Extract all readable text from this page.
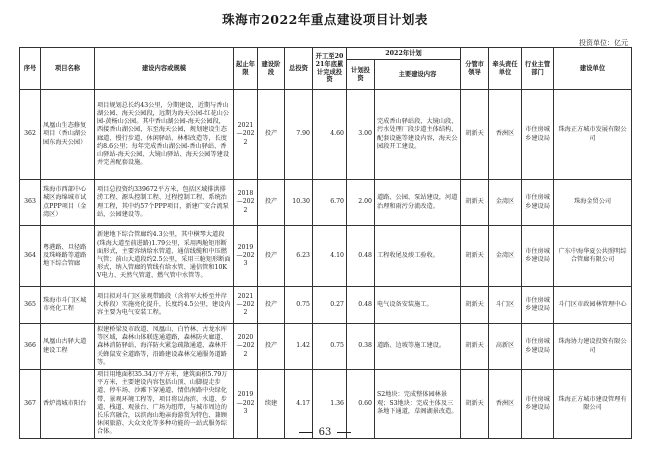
珠海市2022年重点建设项目计划表
投资单位：亿元
序号	项目名称	建设内容或规模	起止年限	建设阶段	总投资	开工至2021年底累计完成投资	2022年计划		分管市领导	牵头责任单位	行业主管部门	建设单位
							计划投资	主要建设内容				
362	凤凰山生态修复项目（香山湖公园东海天公园）	项目规划总长约43公里，分期建设，近期与香山湖公园、海天公园段，远期为海天公园-红花山公园-黄杨山公园。其中香山湖公园-海天公园段，西接香山湖公园，东至海天公园，规划建设生态廊道、慢行步道、休闲驿站、林相改造等，长度约8.6公里；每年完成香山湖公园-香山驿站、香山驿站-海天公园、大镜山驿站、海天公园等建设并完善配套设施。	2021—2022	投产	7.90	4.60	3.00	完成香山驿站段、大镜山段、污水处理厂段步道主体结构、配套设施等建设内容，海天公园段开工建设。	胡新天	香洲区	市住房城乡建设局	珠海正方城市发展有限公司
363	珠海市西部中心城区海绵城市试点PPP项目（金湾区）	项目总投资约339672平方米，包括区域排洪排涝工程、源头控制工程、过程控制工程、系统治理工程，其中约57个PPP项目，新建广安合流泵站，公园建设等。	2018—2022	投产	10.30	6.70	2.00	道路、公园、泵站建设，河道治理和雨污分流改造。	胡新天	金湾区	市住房城乡建设局	珠海金贸公司
364	粤港路、旦径路及珠峰路等道路地下综合管廊	新建地下综合管廊约4.3公里，其中横琴大道段(珠海大道至前进路)1.79公里，采用两舱矩形断面形式，主要容纳给水管道、通信线缆和中压燃气管；前山大道段约2.5公里，采用三舱矩形断面形式，纳入管廊的管线有给水管、通信管和10KV电力、天然气管道、燃气管中水管等。	2019—2023	投产	6.23	4.10	0.48	工程收尾及竣工验收。	胡新天	金湾区	市住房城乡建设局	广东中海华夏公共照明综合管廊有限公司
365	珠海市斗门区城市亮化工程	项目拟对斗门区景观带路段（含将军大桥至井岸大桥段）实施亮化提升，长度约4.5公里，建设内容主要为电气安装工程。	2021—2022	投产	0.75	0.27	0.48	电气设备安装施工。	胡新天	斗门区	市住房城乡建设局	斗门区市政园林管理中心
366	凤凰山古驿大道建设工程	拟建桥梁及市政道、凤凰山、白竹林、古龙水库等区域，森林山体联连通道路，森林防火廊道、森林消防驿站、海洋防火紧急疏散通道，森林开关蜂鼠安全道路等，沿路建设森林交通服务道路等。	2020—2022	投产	1.42	0.75	0.38	道路、边坡等施工建设。	胡新天	高新区	市住房城乡建设局	珠海协力建设投资有限公司
367	香炉湾城市阳台	项目用地面积35.34万平方米，建筑面积5.79万平方米，主要建设内容包括山顶、山脚提走步道、停车场、沙滩下穿通道、情侣南路中央绿化带、景观环境工程等，项目将以海滨、水道、步道、栈道、观景台、广场为纽带，与城市周边的长乐宫融合，以滨海山地亲海游赏为特色、兼顾休闲旅游、大众文化等多种功能的一站式服务综合体。	2019—2023	续建	4.17	1.36	0.60	S2地块：完成整体园林景观；S3地块：完成主体及三条地下通道，草阁湖景改造。	胡新天	香洲区	市住房城乡建设局	珠海正方城市建设管理有限公司
63
